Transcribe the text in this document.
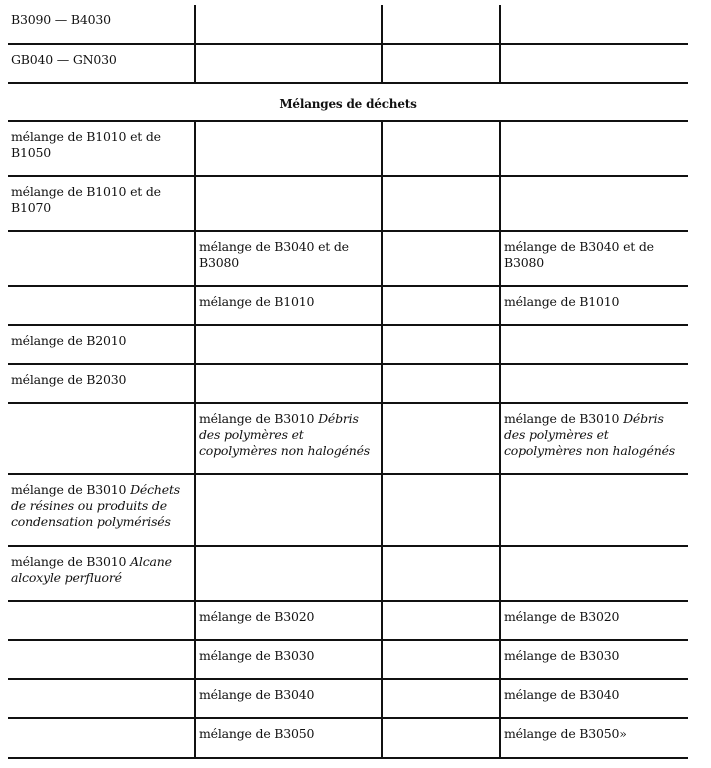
B3090 — B4030			
GB040 — GN030			
Mélanges de déchets			
mélange de B1010 et de B1050			
mélange de B1010 et de B1070			
	mélange de B3040 et de B3080		mélange de B3040 et de B3080
	mélange de B1010		mélange de B1010
mélange de B2010			
mélange de B2030			
	mélange de B3010 Débris des polymères et copolymères non halogénés		mélange de B3010 Débris des polymères et copolymères non halogénés
mélange de B3010 Déchets de résines ou produits de condensation polymérisés			
mélange de B3010 Alcane alcoxyle perfluoré			
	mélange de B3020		mélange de B3020
	mélange de B3030		mélange de B3030
	mélange de B3040		mélange de B3040
	mélange de B3050		mélange de B3050»
